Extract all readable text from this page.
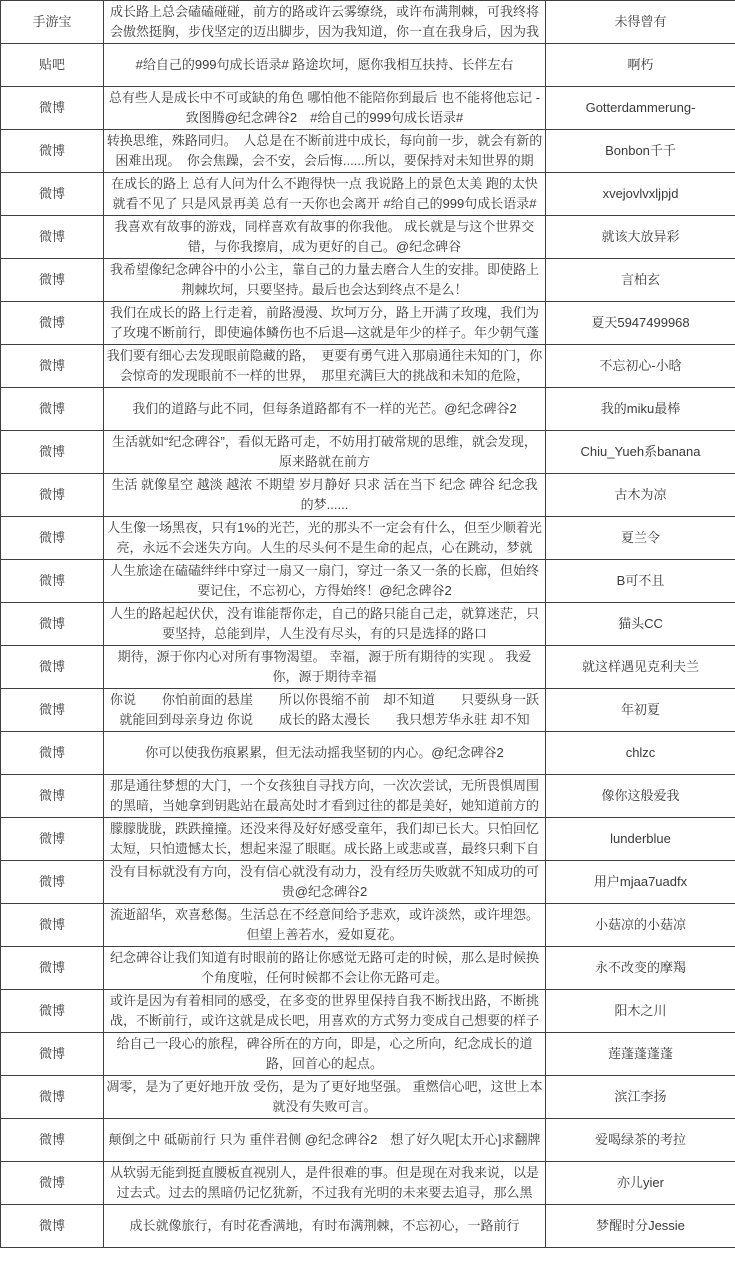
手游宝	成长路上总会磕磕碰碰，前方的路或许云雾缭绕，或许布满荆棘，可我终将会傲然挺胸，步伐坚定的迈出脚步，因为我知道，你一直在我身后，因为我	未得曾有

贴吧	#给自己的999句成长语录# 路途坎坷，愿你我相互扶持、长伴左右	啊朽

微博	总有些人是成长中不可或缺的角色 哪怕他不能陪你到最后 也不能将他忘记 -致图腾@纪念碑谷2　#给自己的999句成长语录#	Gotterdammerung-

微博	转换思维，殊路同归。　人总是在不断前进中成长，每向前一步，就会有新的困难出现。　你会焦躁，会不安，会后悔......所以，要保持对未知世界的期	Bonbon千千

微博	在成长的路上 总有人问为什么不跑得快一点 我说路上的景色太美 跑的太快就看不见了 只是风景再美 总有一天你也会离开 #给自己的999句成长语录#	xvejovlvxljpjd

微博	我喜欢有故事的游戏，同样喜欢有故事的你我他。 成长就是与这个世界交错，与你我擦肩，成为更好的自己。@纪念碑谷	就该大放异彩

微博	我希望像纪念碑谷中的小公主，靠自己的力量去磨合人生的安排。即使路上荆棘坎坷，只要坚持。最后也会达到终点不是么！	言柏玄

微博	我们在成长的路上行走着，前路漫漫、坎坷万分，路上开满了玫瑰，我们为了玫瑰不断前行，即使遍体鳞伤也不后退—这就是年少的样子。年少朝气蓬	夏天5947499968

微博	我们要有细心去发现眼前隐藏的路，　更要有勇气进入那扇通往未知的门，你会惊奇的发现眼前不一样的世界，　那里充满巨大的挑战和未知的危险，	不忘初心-小晗

微博	我们的道路与此不同，但每条道路都有不一样的光芒。@纪念碑谷2	我的miku最棒

微博	生活就如“纪念碑谷”，看似无路可走，不妨用打破常规的思维，就会发现，原来路就在前方	Chiu_Yueh系banana

微博	生活 就像星空 越淡 越浓 不期望 岁月静好 只求 活在当下 纪念 碑谷 纪念我的梦......	古木为凉

微博	人生像一场黑夜，只有1%的光芒，光的那头不一定会有什么，但至少顺着光亮，永远不会迷失方向。人生的尽头何不是生命的起点，心在跳动，梦就	夏兰令

微博	人生旅途在磕磕绊绊中穿过一扇又一扇门，穿过一条又一条的长廊，但始终要记住，不忘初心，方得始终！@纪念碑谷2	B可不且

微博	人生的路起起伏伏，没有谁能帮你走，自己的路只能自己走，就算迷茫，只要坚持，总能到岸，人生没有尽头，有的只是选择的路口	猫头CC

微博	期待，源于你内心对所有事物渴望。 幸福，源于所有期待的实现 。 我爱你，源于期待幸福	就这样遇见克利夫兰

微博	你说　　你怕前面的悬崖　　所以你畏缩不前　却不知道　　只要纵身一跃就能回到母亲身边 你说　　成长的路太漫长　　我只想芳华永驻 却不知	年初夏

微博	你可以使我伤痕累累，但无法动摇我坚韧的内心。@纪念碑谷2	chlzc

微博	那是通往梦想的大门，一个女孩独自寻找方向，一次次尝试，无所畏惧周围的黑暗，当她拿到钥匙站在最高处时才看到过往的都是美好，她知道前方的	像你这般爱我

微博	朦朦胧胧，跌跌撞撞。还没来得及好好感受童年，我们却已长大。只怕回忆太短，只怕遗憾太长，想起来湿了眼眶。成长路上或悲或喜，最终只剩下自	lunderblue

微博	没有目标就没有方向，没有信心就没有动力，没有经历失败就不知成功的可贵@纪念碑谷2	用户mjaa7uadfx

微博	流逝韶华，欢喜愁傷。生活总在不经意间给予悲欢，或许淡然，或许埋怨。但望上善若水，爱如夏花。	小菇凉的小菇凉

微博	纪念碑谷让我们知道有时眼前的路让你感觉无路可走的时候，那么是时候换个角度啦，任何时候都不会让你无路可走。	永不改变的摩羯

微博	或许是因为有着相同的感受，在多变的世界里保持自我不断找出路，不断挑战，不断前行，或许这就是成长吧，用喜欢的方式努力变成自己想要的样子	阳木之川

微博	给自己一段心的旅程，碑谷所在的方向，即是，心之所向，纪念成长的道路，回首心的起点。	莲蓬蓬蓬蓬

微博	凋零，是为了更好地开放 受伤，是为了更好地坚强。 重燃信心吧，这世上本就没有失败可言。	滨江李扬

微博	颠倒之中 砥砺前行 只为 重伴君侧 @纪念碑谷2　想了好久呢[太开心]求翻牌	爱喝绿茶的考拉

微博	从软弱无能到挺直腰板直视别人，是件很难的事。但是现在对我来说，以是过去式。过去的黑暗仍记忆犹新，不过我有光明的未来要去追寻，那么黑	亦儿yier

微博	成长就像旅行，有时花香满地，有时布满荆棘，不忘初心，一路前行	梦醒时分Jessie
